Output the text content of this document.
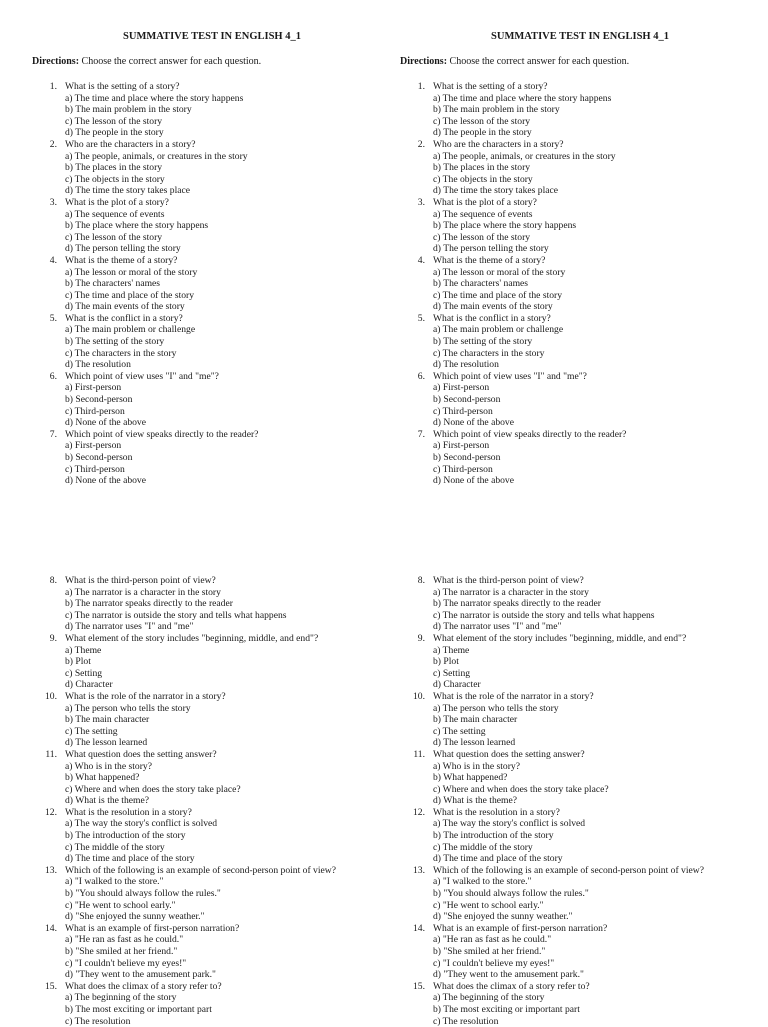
SUMMATIVE TEST IN ENGLISH 4_1
Directions: Choose the correct answer for each question.
1. What is the setting of a story?
a) The time and place where the story happens
b) The main problem in the story
c) The lesson of the story
d) The people in the story
2. Who are the characters in a story?
a) The people, animals, or creatures in the story
b) The places in the story
c) The objects in the story
d) The time the story takes place
3. What is the plot of a story?
a) The sequence of events
b) The place where the story happens
c) The lesson of the story
d) The person telling the story
4. What is the theme of a story?
a) The lesson or moral of the story
b) The characters' names
c) The time and place of the story
d) The main events of the story
5. What is the conflict in a story?
a) The main problem or challenge
b) The setting of the story
c) The characters in the story
d) The resolution
6. Which point of view uses "I" and "me"?
a) First-person
b) Second-person
c) Third-person
d) None of the above
7. Which point of view speaks directly to the reader?
a) First-person
b) Second-person
c) Third-person
d) None of the above
8. What is the third-person point of view?
a) The narrator is a character in the story
b) The narrator speaks directly to the reader
c) The narrator is outside the story and tells what happens
d) The narrator uses "I" and "me"
9. What element of the story includes "beginning, middle, and end"?
a) Theme
b) Plot
c) Setting
d) Character
10. What is the role of the narrator in a story?
a) The person who tells the story
b) The main character
c) The setting
d) The lesson learned
11. What question does the setting answer?
a) Who is in the story?
b) What happened?
c) Where and when does the story take place?
d) What is the theme?
12. What is the resolution in a story?
a) The way the story's conflict is solved
b) The introduction of the story
c) The middle of the story
d) The time and place of the story
13. Which of the following is an example of second-person point of view?
a) "I walked to the store."
b) "You should always follow the rules."
c) "He went to school early."
d) "She enjoyed the sunny weather."
14. What is an example of first-person narration?
a) "He ran as fast as he could."
b) "She smiled at her friend."
c) "I couldn't believe my eyes!"
d) "They went to the amusement park."
15. What does the climax of a story refer to?
a) The beginning of the story
b) The most exciting or important part
c) The resolution
SUMMATIVE TEST IN ENGLISH 4_1
Directions: Choose the correct answer for each question.
1. What is the setting of a story?
a) The time and place where the story happens
b) The main problem in the story
c) The lesson of the story
d) The people in the story
2. Who are the characters in a story?
a) The people, animals, or creatures in the story
b) The places in the story
c) The objects in the story
d) The time the story takes place
3. What is the plot of a story?
a) The sequence of events
b) The place where the story happens
c) The lesson of the story
d) The person telling the story
4. What is the theme of a story?
a) The lesson or moral of the story
b) The characters' names
c) The time and place of the story
d) The main events of the story
5. What is the conflict in a story?
a) The main problem or challenge
b) The setting of the story
c) The characters in the story
d) The resolution
6. Which point of view uses "I" and "me"?
a) First-person
b) Second-person
c) Third-person
d) None of the above
7. Which point of view speaks directly to the reader?
a) First-person
b) Second-person
c) Third-person
d) None of the above
8. What is the third-person point of view?
a) The narrator is a character in the story
b) The narrator speaks directly to the reader
c) The narrator is outside the story and tells what happens
d) The narrator uses "I" and "me"
9. What element of the story includes "beginning, middle, and end"?
a) Theme
b) Plot
c) Setting
d) Character
10. What is the role of the narrator in a story?
a) The person who tells the story
b) The main character
c) The setting
d) The lesson learned
11. What question does the setting answer?
a) Who is in the story?
b) What happened?
c) Where and when does the story take place?
d) What is the theme?
12. What is the resolution in a story?
a) The way the story's conflict is solved
b) The introduction of the story
c) The middle of the story
d) The time and place of the story
13. Which of the following is an example of second-person point of view?
a) "I walked to the store."
b) "You should always follow the rules."
c) "He went to school early."
d) "She enjoyed the sunny weather."
14. What is an example of first-person narration?
a) "He ran as fast as he could."
b) "She smiled at her friend."
c) "I couldn't believe my eyes!"
d) "They went to the amusement park."
15. What does the climax of a story refer to?
a) The beginning of the story
b) The most exciting or important part
c) The resolution
